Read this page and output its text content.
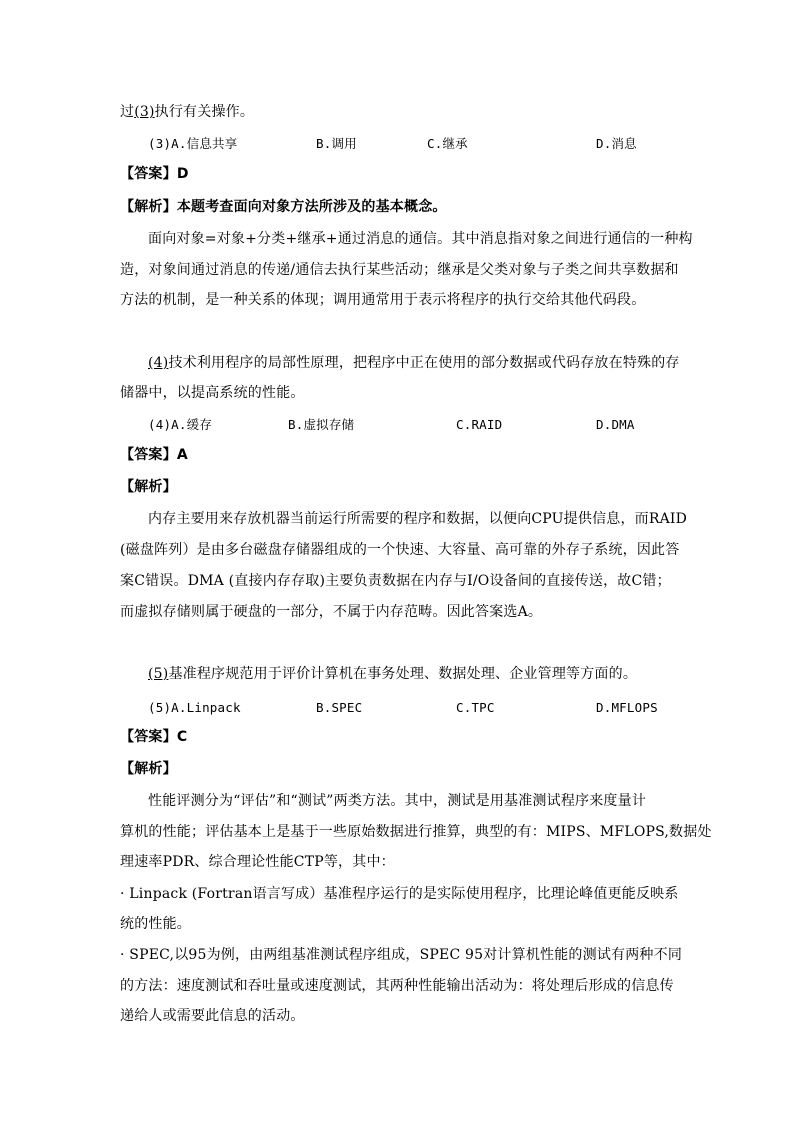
过(3)执行有关操作。
(3)A.信息共享	B.调用	C.继承	D.消息
【答案】D
【解析】本题考查面向对象方法所涉及的基本概念。
面向对象=对象+分类+继承+通过消息的通信。其中消息指对象之间进行通信的一种构
造，对象间通过消息的传递/通信去执行某些活动；继承是父类对象与子类之间共享数据和
方法的机制，是一种关系的体现；调用通常用于表示将程序的执行交给其他代码段。
(4)技术利用程序的局部性原理，把程序中正在使用的部分数据或代码存放在特殊的存
储器中，以提高系统的性能。
(4)A.缓存	B.虚拟存储	C.RAID	D.DMA
【答案】A
【解析】
内存主要用来存放机器当前运行所需要的程序和数据，以便向CPU提供信息，而RAID
(磁盘阵列）是由多台磁盘存储器组成的一个快速、大容量、高可靠的外存子系统，因此答
案C错误。DMA (直接内存存取)主要负责数据在内存与I/O设备间的直接传送，故C错；
而虚拟存储则属于硬盘的一部分，不属于内存范畴。因此答案选A。
(5)基准程序规范用于评价计算机在事务处理、数据处理、企业管理等方面的。
(5)A.Linpack	B.SPEC	C.TPC	D.MFLOPS
【答案】C
【解析】
性能评测分为“评估”和“测试”两类方法。其中，测试是用基准测试程序来度量计
算机的性能；评估基本上是基于一些原始数据进行推算，典型的有：MIPS、MFLOPS,数据处
理速率PDR、综合理论性能CTP等，其中：
· Linpack (Fortran语言写成）基准程序运行的是实际使用程序，比理论峰值更能反映系
统的性能。
· SPEC,以95为例，由两组基准测试程序组成，SPEC 95对计算机性能的测试有两种不同
的方法：速度测试和吞吐量或速度测试，其两种性能输出活动为：将处理后形成的信息传
递给人或需要此信息的活动。
